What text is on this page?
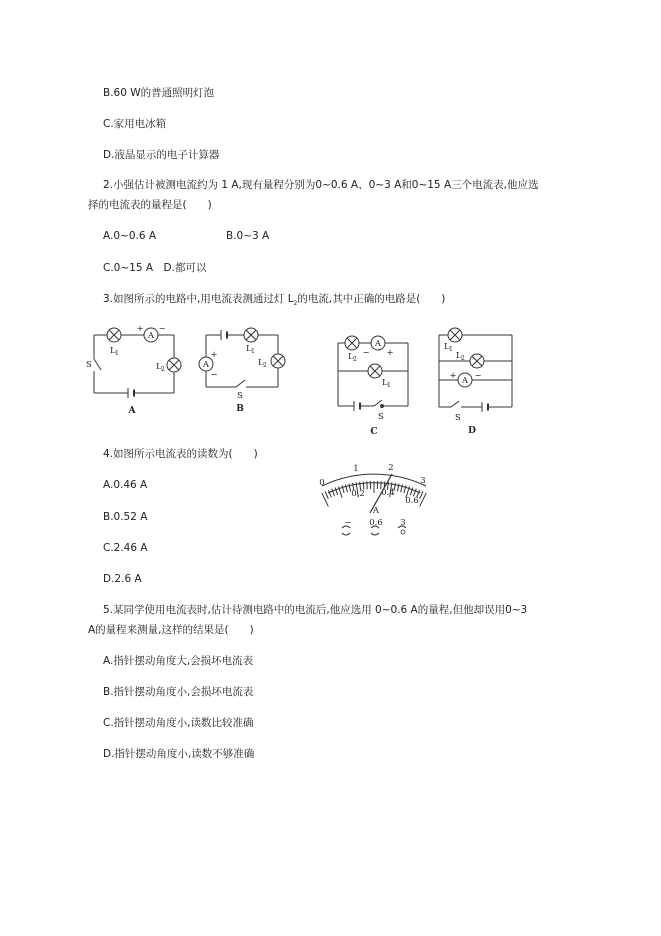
B.60 W的普通照明灯泡
C.家用电冰箱
D.液晶显示的电子计算器
2.小强估计被测电流约为 1 A,现有量程分别为0~0.6 A、0~3 A和0~15 A三个电流表,他应选
择的电流表的量程是(　　)
A.0~0.6 A	B.0~3 A
C.0~15 A　D.都可以
3.如图所示的电路中,用电流表测通过灯 $L_2$的电流,其中正确的电路是(　　)
A
+ −
L 1
L 2
S
A
A
+
−
L 1
L 2
S
B
A
− +
L 2
L 1
S
C
A
+ −
L 1
L 2
S
D
4.如图所示电流表的读数为(　　)
A.0.46 A
B.0.52 A
C.2.46 A
D.2.6 A
0
1	2
3
0.2 0.4
0.6
A
− 0.6 3
5.某同学使用电流表时,估计待测电路中的电流后,他应选用 0~0.6 A的量程,但他却误用0~3
A的量程来测量,这样的结果是(　　)
A.指针摆动角度大,会损坏电流表
B.指针摆动角度小,会损坏电流表
C.指针摆动角度小,读数比较准确
D.指针摆动角度小,读数不够准确
